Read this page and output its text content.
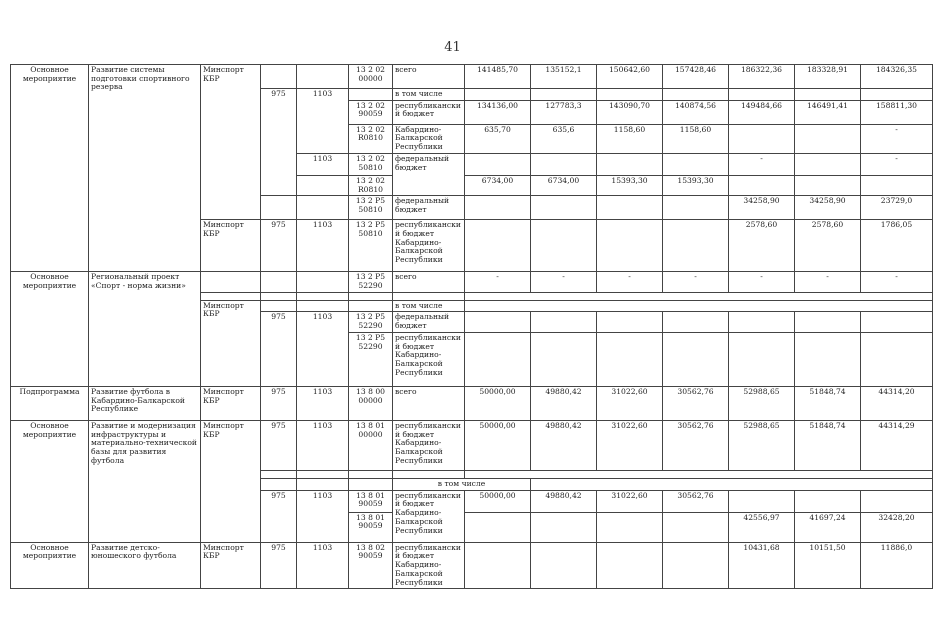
41
Основное мероприятие	Развитие системы подготовки спортивного резерва	Минспорт КБР			13 2 02 00000	всего	141485,70	135152,1	150642,60	157428,46	186322,36	183328,91	184326,35
			975	1103		в том числе							
					13 2 02 90059	республиканский бюджет	134136,00	127783,3	143090,70	140874,56	149484,66	146491,41	158811,30
					13 2 02 R0810	Кабардино-Балкарской Республики	635,70	635,6	1158,60	1158,60			-
				1103	13 2 02 50810	федеральный бюджет					-		-
					13 2 02 R0810		6734,00	6734,00	15393,30	15393,30			
					13 2 P5 50810	федеральный бюджет					34258,90	34258,90	23729,0
		Минспорт КБР	975	1103	13 2 P5 50810	республиканский бюджет Кабардино-Балкарской Республики					2578,60	2578,60	1786,05

Основное мероприятие	Региональный проект «Спорт - норма жизни»				13 2 P5 52290	всего	-	-	-	-	-	-	-

		Минспорт КБР				в том числе							
			975	1103	13 2 P5 52290	федеральный бюджет							
					13 2 P5 52290	республиканский бюджет Кабардино-Балкарской Республики							

Подпрограмма	Развитие футбола в Кабардино-Балкарской Республике	Минспорт КБР	975	1103	13 8 00 00000	всего	50000,00	49880,42	31022,60	30562,76	52988,65	51848,74	44314,20
Основное мероприятие	Развитие и модернизация инфраструктуры и материально-технической базы для развития футбола	Минспорт КБР	975	1103	13 8 01 00000	республиканский бюджет Кабардино-Балкарской Республики	50000,00	49880,42	31022,60	30562,76	52988,65	51848,74	44314,29

						в том числе							
			975	1103	13 8 01 90059	республиканский бюджет Кабардино-Балкарской Республики	50000,00	49880,42	31022,60	30562,76			
					13 8 01 90059						42556,97	41697,24	32428,20
Основное мероприятие	Развитие детско-юношеского футбола	Минспорт КБР	975	1103	13 8 02 90059	республиканский бюджет Кабардино-Балкарской Республики					10431,68	10151,50	11886,0
